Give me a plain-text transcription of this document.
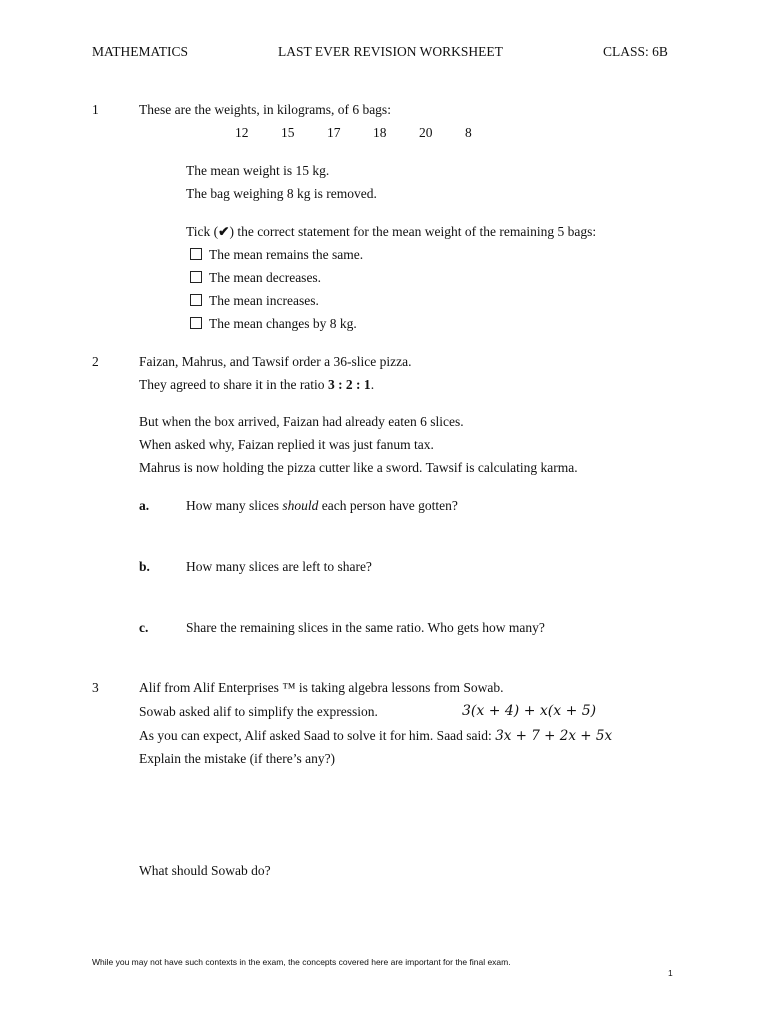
MATHEMATICS	LAST EVER REVISION WORKSHEET	CLASS: 6B
1	These are the weights, in kilograms, of 6 bags:
12 15 17 18 20 8
The mean weight is 15 kg.
The bag weighing 8 kg is removed.
Tick (✔) the correct statement for the mean weight of the remaining 5 bags:
The mean remains the same.
The mean decreases.
The mean increases.
The mean changes by 8 kg.
2	Faizan, Mahrus, and Tawsif order a 36-slice pizza.
They agreed to share it in the ratio 3 : 2 : 1.
But when the box arrived, Faizan had already eaten 6 slices.
When asked why, Faizan replied it was just fanum tax.
Mahrus is now holding the pizza cutter like a sword. Tawsif is calculating karma.
a.	How many slices should each person have gotten?
b.	How many slices are left to share?
c.	Share the remaining slices in the same ratio. Who gets how many?
3	Alif from Alif Enterprises ™ is taking algebra lessons from Sowab.
Sowab asked alif to simplify the expression.	3(x + 4) + x(x + 5)
As you can expect, Alif asked Saad to solve it for him. Saad said: 3x + 7 + 2x + 5x
Explain the mistake (if there’s any?)
What should Sowab do?
While you may not have such contexts in the exam, the concepts covered here are important for the final exam.
1
